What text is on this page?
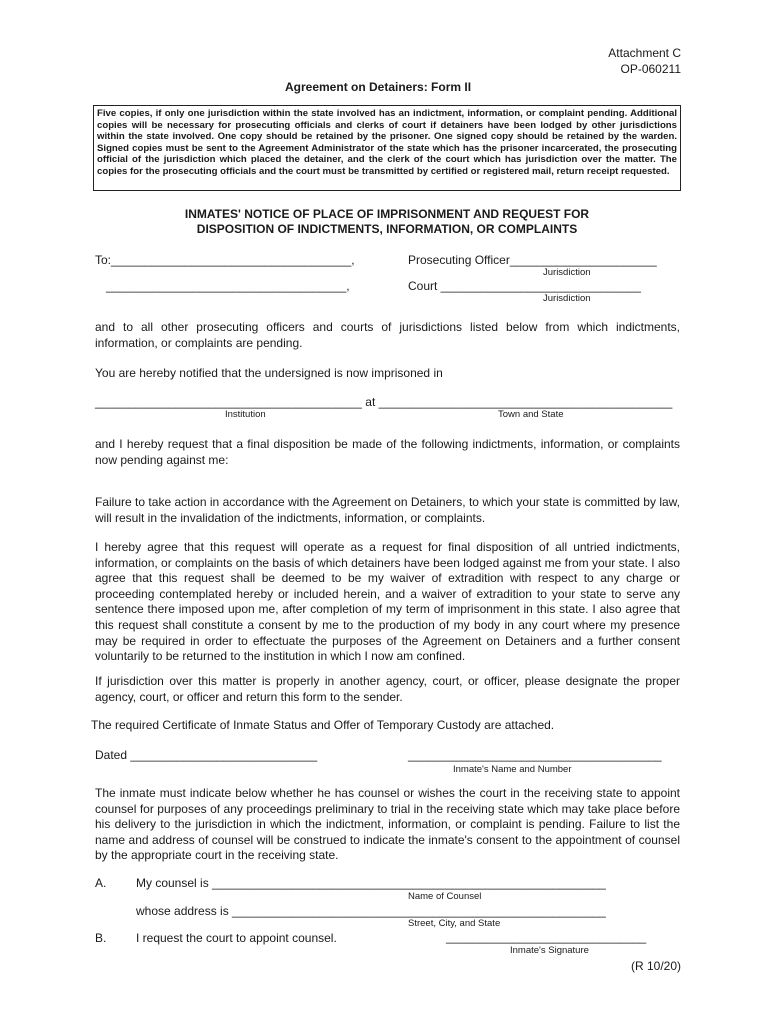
Attachment C
OP-060211
Agreement on Detainers: Form II
Five copies, if only one jurisdiction within the state involved has an indictment, information, or complaint pending. Additional copies will be necessary for prosecuting officials and clerks of court if detainers have been lodged by other jurisdictions within the state involved. One copy should be retained by the prisoner. One signed copy should be retained by the warden. Signed copies must be sent to the Agreement Administrator of the state which has the prisoner incarcerated, the prosecuting official of the jurisdiction which placed the detainer, and the clerk of the court which has jurisdiction over the matter. The copies for the prosecuting officials and the court must be transmitted by certified or registered mail, return receipt requested.
INMATES' NOTICE OF PLACE OF IMPRISONMENT AND REQUEST FOR
DISPOSITION OF INDICTMENTS, INFORMATION, OR COMPLAINTS
To:____________________________________,	Prosecuting Officer______________________
Jurisdiction
____________________________________,	Court ______________________________
Jurisdiction
and to all other prosecuting officers and courts of jurisdictions listed below from which indictments, information, or complaints are pending.
You are hereby notified that the undersigned is now imprisoned in
________________________________________ at ____________________________________________
Institution	Town and State
and I hereby request that a final disposition be made of the following indictments, information, or complaints now pending against me:
Failure to take action in accordance with the Agreement on Detainers, to which your state is committed by law, will result in the invalidation of the indictments, information, or complaints.
I hereby agree that this request will operate as a request for final disposition of all untried indictments, information, or complaints on the basis of which detainers have been lodged against me from your state. I also agree that this request shall be deemed to be my waiver of extradition with respect to any charge or proceeding contemplated hereby or included herein, and a waiver of extradition to your state to serve any sentence there imposed upon me, after completion of my term of imprisonment in this state. I also agree that this request shall constitute a consent by me to the production of my body in any court where my presence may be required in order to effectuate the purposes of the Agreement on Detainers and a further consent voluntarily to be returned to the institution in which I now am confined.
If jurisdiction over this matter is properly in another agency, court, or officer, please designate the proper agency, court, or officer and return this form to the sender.
The required Certificate of Inmate Status and Offer of Temporary Custody are attached.
Dated ____________________________	______________________________________
Inmate's Name and Number
The inmate must indicate below whether he has counsel or wishes the court in the receiving state to appoint counsel for purposes of any proceedings preliminary to trial in the receiving state which may take place before his delivery to the jurisdiction in which the indictment, information, or complaint is pending. Failure to list the name and address of counsel will be construed to indicate the inmate's consent to the appointment of counsel by the appropriate court in the receiving state.
A. My counsel is ___________________________________________________________
Name of Counsel
whose address is ________________________________________________________
Street, City, and State
B. I request the court to appoint counsel.	______________________________
Inmate's Signature
(R 10/20)
